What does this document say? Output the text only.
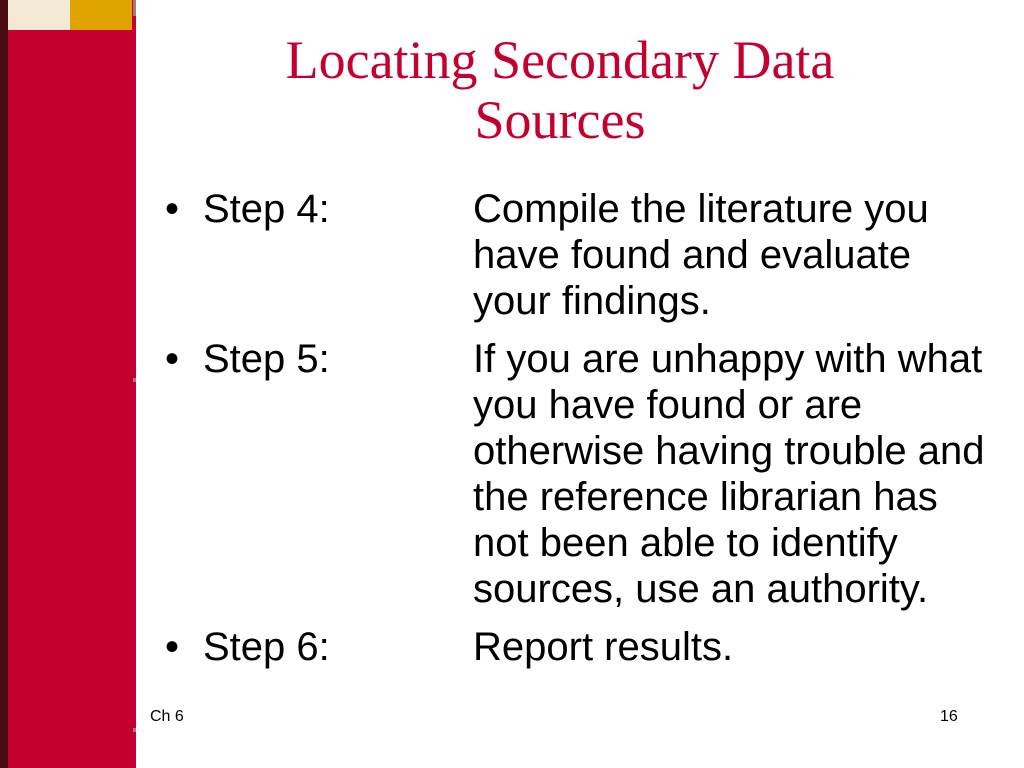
Locating Secondary Data Sources
• Step 4:	Compile the literature you have found and evaluate your findings.
• Step 5:	If you are unhappy with what you have found or are otherwise having trouble and the reference librarian has not been able to identify sources, use an authority.
• Step 6:	Report results.
Ch 6	16
